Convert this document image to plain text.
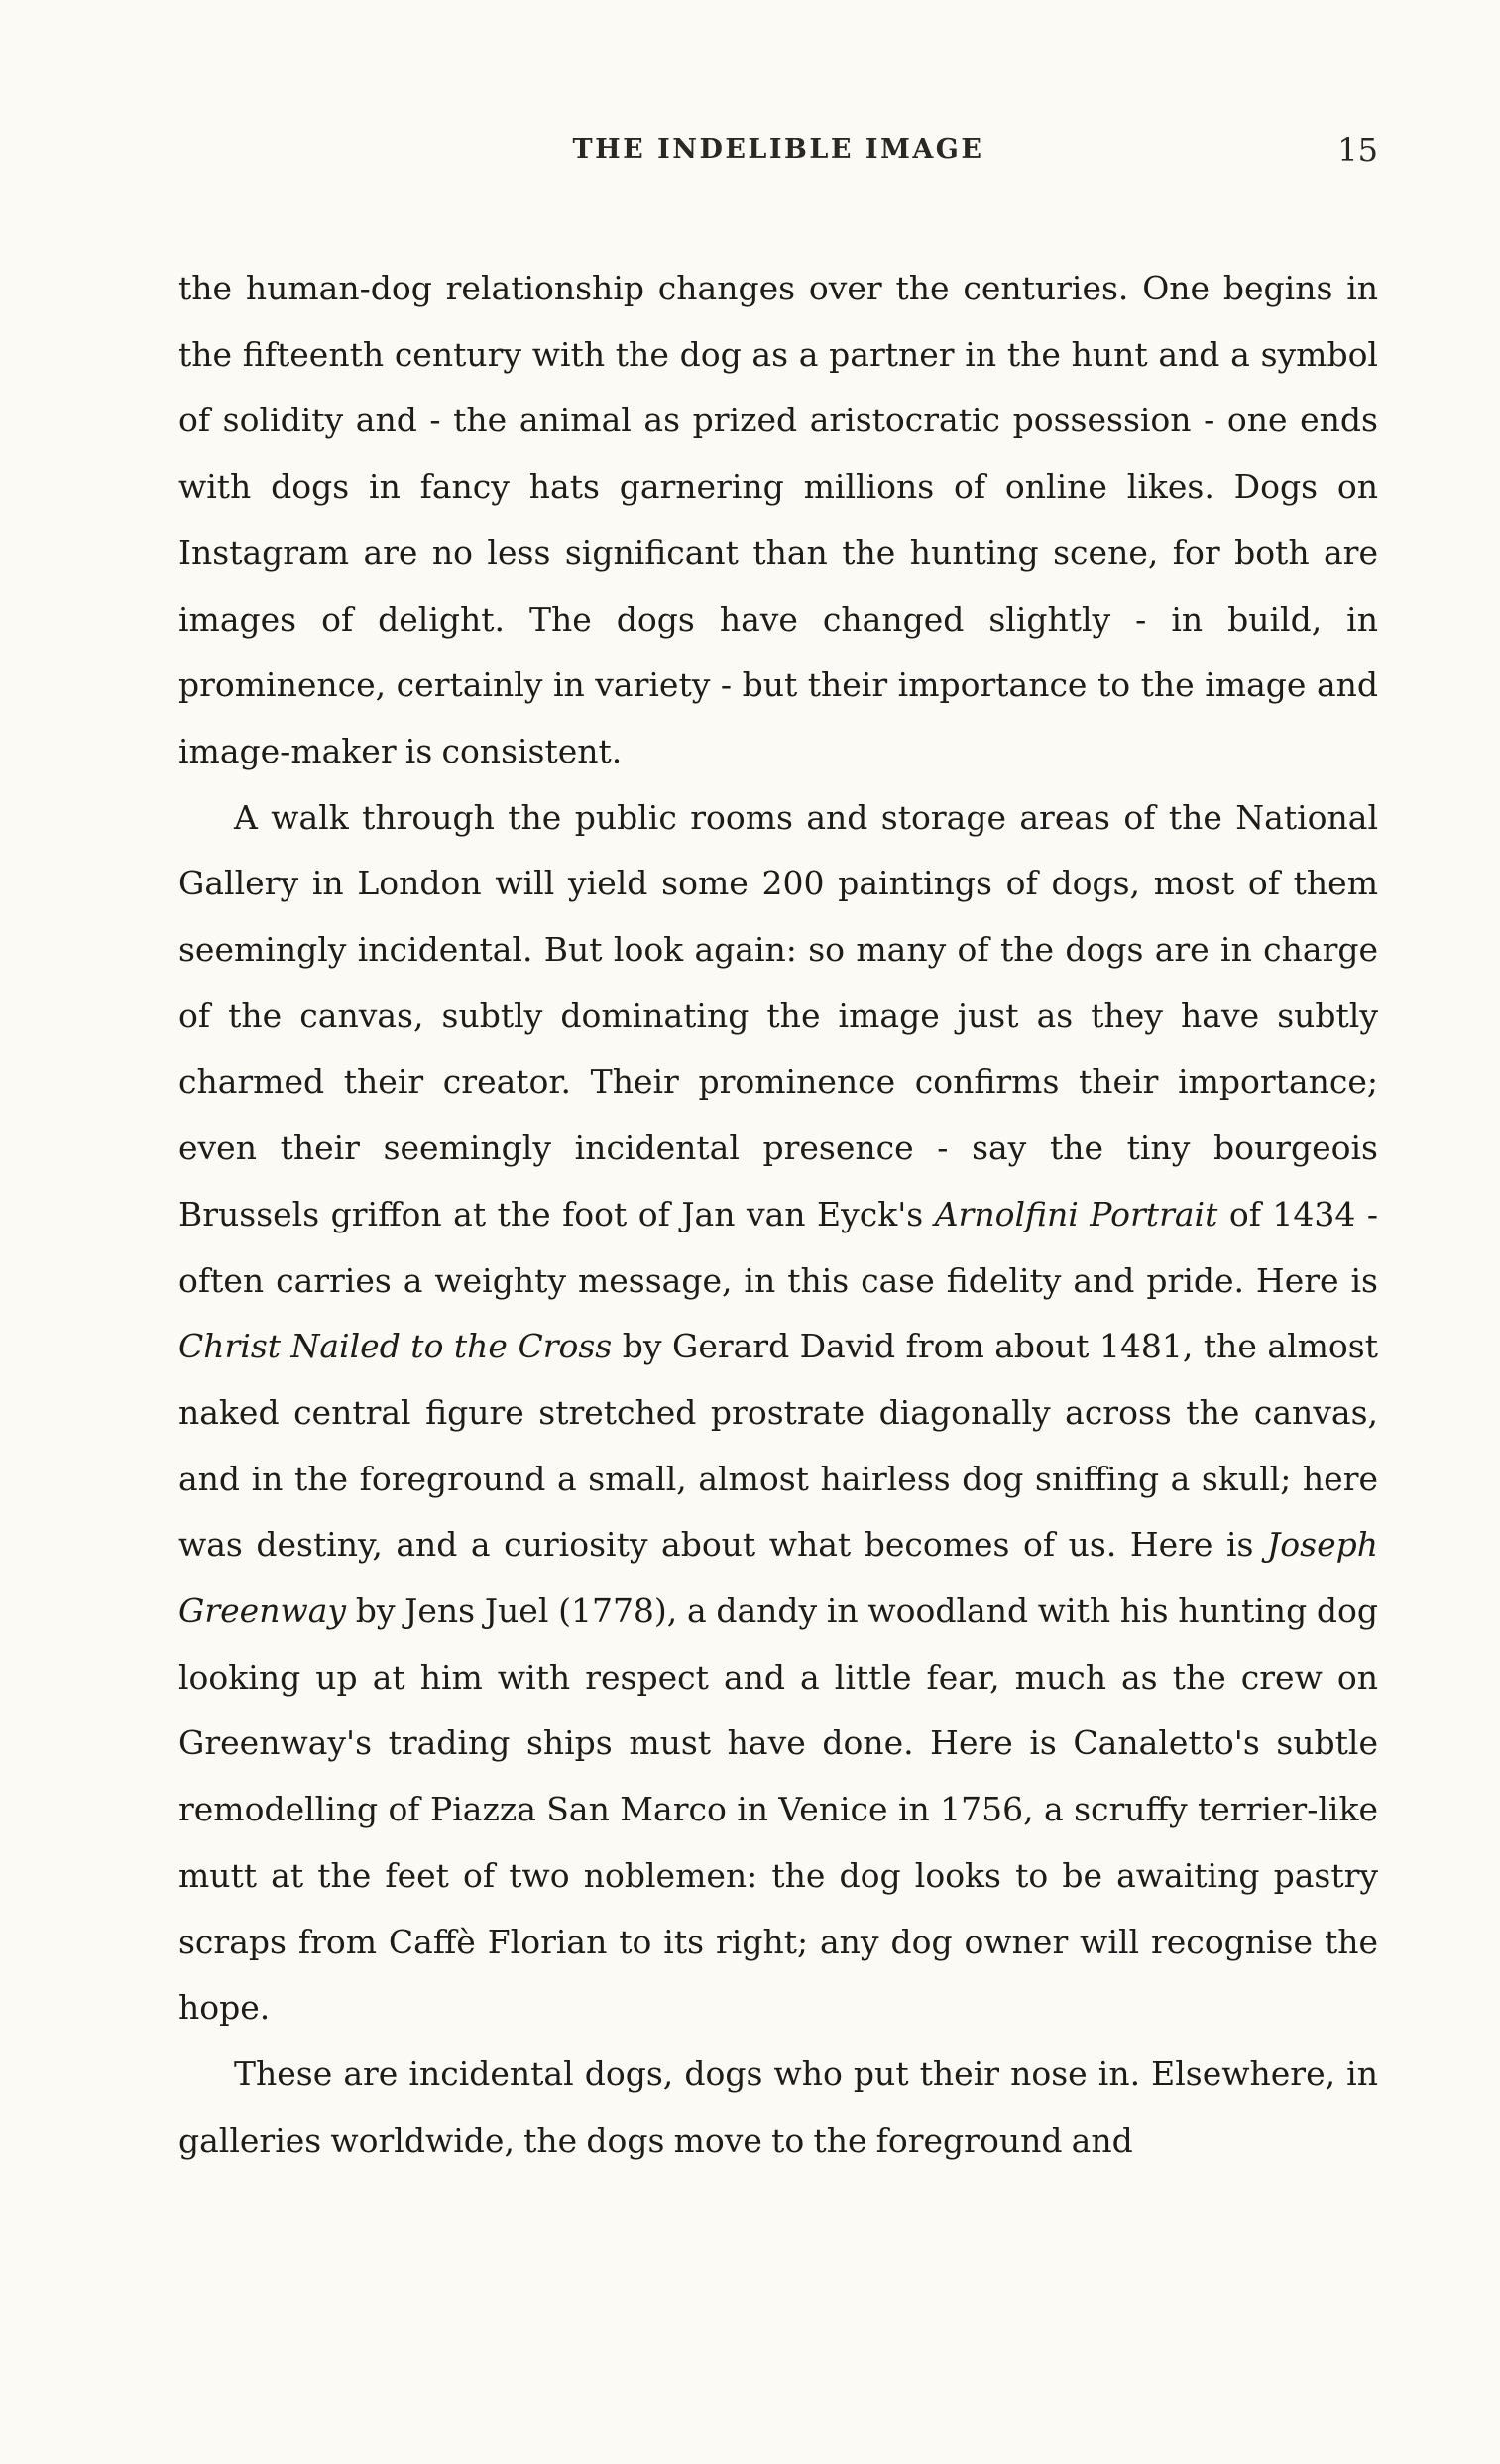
THE INDELIBLE IMAGE	15

the human-dog relationship changes over the centuries. One begins in the fifteenth century with the dog as a partner in the hunt and a symbol of solidity and - the animal as prized aristocratic possession - one ends with dogs in fancy hats garnering millions of online likes. Dogs on Instagram are no less significant than the hunting scene, for both are images of delight. The dogs have changed slightly - in build, in prominence, certainly in variety - but their importance to the image and image-maker is consistent.

A walk through the public rooms and storage areas of the National Gallery in London will yield some 200 paintings of dogs, most of them seemingly incidental. But look again: so many of the dogs are in charge of the canvas, subtly dominating the image just as they have subtly charmed their creator. Their prominence confirms their importance; even their seemingly incidental presence - say the tiny bourgeois Brussels griffon at the foot of Jan van Eyck's Arnolfini Portrait of 1434 - often carries a weighty message, in this case fidelity and pride. Here is Christ Nailed to the Cross by Gerard David from about 1481, the almost naked central figure stretched prostrate diagonally across the canvas, and in the foreground a small, almost hairless dog sniffing a skull; here was destiny, and a curiosity about what becomes of us. Here is Joseph Greenway by Jens Juel (1778), a dandy in woodland with his hunting dog looking up at him with respect and a little fear, much as the crew on Greenway's trading ships must have done. Here is Canaletto's subtle remodelling of Piazza San Marco in Venice in 1756, a scruffy terrier-like mutt at the feet of two noblemen: the dog looks to be awaiting pastry scraps from Caffè Florian to its right; any dog owner will recognise the hope.

These are incidental dogs, dogs who put their nose in. Elsewhere, in galleries worldwide, the dogs move to the foreground and
